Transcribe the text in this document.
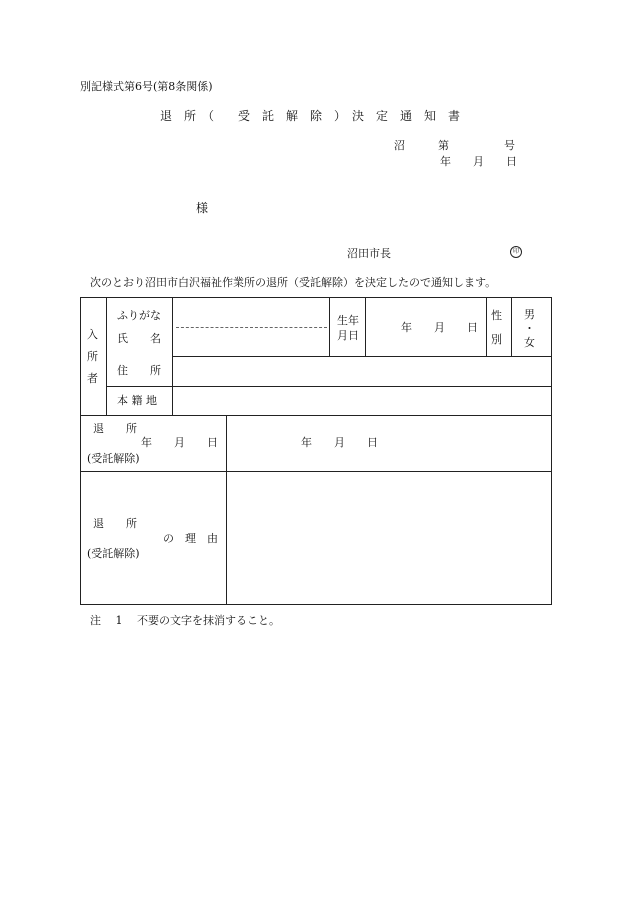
別記様式第6号(第8条関係)
退　所　（　　受　託　解　除　）　決　定　通　知　書
沼　　　第　　　　　号
年　　月　　日
様
沼田市長	印
次のとおり沼田市白沢福祉作業所の退所（受託解除）を決定したので通知します。
入
所
者
ふりがな
氏　　名
生年
月日
年　　月　　日
性
別
男
・
女
住　　所
本 籍 地
退　　所
年　　月　　日
(受託解除)
年　　月　　日
退　　所
の　理　由
(受託解除)
注　 1　 不要の文字を抹消すること。
